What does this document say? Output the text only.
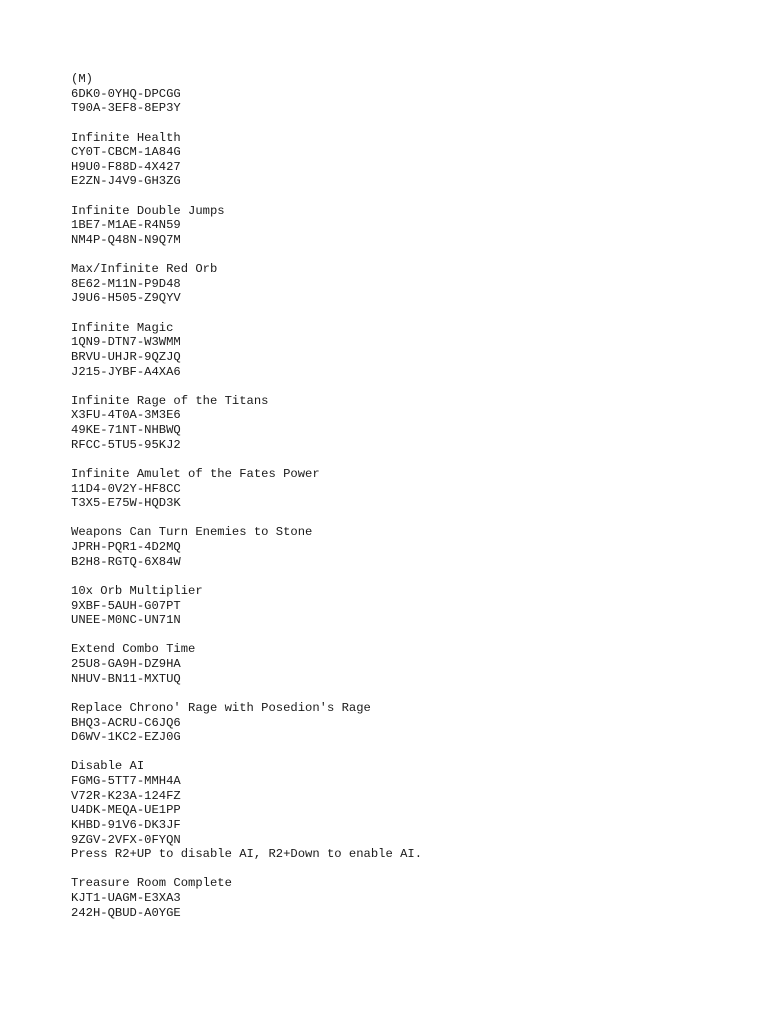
(M)
6DK0-0YHQ-DPCGG
T90A-3EF8-8EP3Y
Infinite Health
CY0T-CBCM-1A84G
H9U0-F88D-4X427
E2ZN-J4V9-GH3ZG
Infinite Double Jumps
1BE7-M1AE-R4N59
NM4P-Q48N-N9Q7M
Max/Infinite Red Orb
8E62-M11N-P9D48
J9U6-H505-Z9QYV
Infinite Magic
1QN9-DTN7-W3WMM
BRVU-UHJR-9QZJQ
J215-JYBF-A4XA6
Infinite Rage of the Titans
X3FU-4T0A-3M3E6
49KE-71NT-NHBWQ
RFCC-5TU5-95KJ2
Infinite Amulet of the Fates Power
11D4-0V2Y-HF8CC
T3X5-E75W-HQD3K
Weapons Can Turn Enemies to Stone
JPRH-PQR1-4D2MQ
B2H8-RGTQ-6X84W
10x Orb Multiplier
9XBF-5AUH-G07PT
UNEE-M0NC-UN71N
Extend Combo Time
25U8-GA9H-DZ9HA
NHUV-BN11-MXTUQ
Replace Chrono' Rage with Posedion's Rage
BHQ3-ACRU-C6JQ6
D6WV-1KC2-EZJ0G
Disable AI
FGMG-5TT7-MMH4A
V72R-K23A-124FZ
U4DK-MEQA-UE1PP
KHBD-91V6-DK3JF
9ZGV-2VFX-0FYQN
Press R2+UP to disable AI, R2+Down to enable AI.
Treasure Room Complete
KJT1-UAGM-E3XA3
242H-QBUD-A0YGE
